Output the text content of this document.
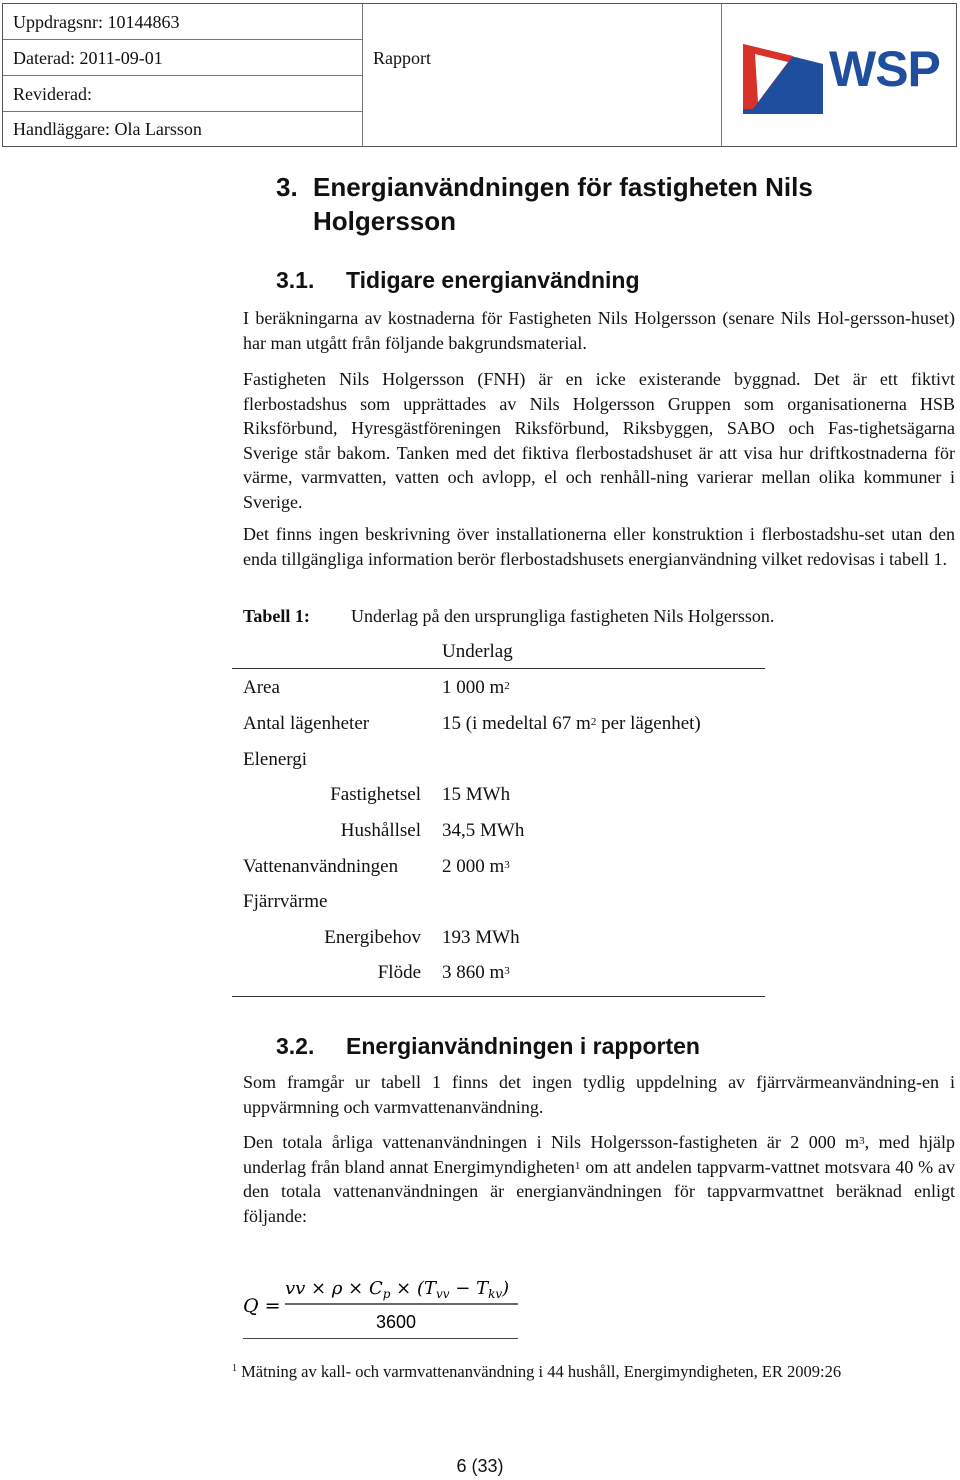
Uppdragsnr: 10144863
Daterad: 2011-09-01
Reviderad:
Handläggare: Ola Larsson
Rapport	WSP
3. Energianvändningen för fastigheten Nils Holgersson
3.1. Tidigare energianvändning
I beräkningarna av kostnaderna för Fastigheten Nils Holgersson (senare Nils Hol-gersson-huset) har man utgått från följande bakgrundsmaterial.
Fastigheten Nils Holgersson (FNH) är en icke existerande byggnad. Det är ett fiktivt flerbostadshus som upprättades av Nils Holgersson Gruppen som organisationerna HSB Riksförbund, Hyresgästföreningen Riksförbund, Riksbyggen, SABO och Fas-tighetsägarna Sverige står bakom. Tanken med det fiktiva flerbostadshuset är att visa hur driftkostnaderna för värme, varmvatten, vatten och avlopp, el och renhåll-ning varierar mellan olika kommuner i Sverige.
Det finns ingen beskrivning över installationerna eller konstruktion i flerbostadshu-set utan den enda tillgängliga information berör flerbostadshusets energianvändning vilket redovisas i tabell 1.
Tabell 1: Underlag på den ursprungliga fastigheten Nils Holgersson.
Underlag
Area	1 000 $m^2$
Antal lägenheter	15 (i medeltal 67 $m^2$ per lägenhet)
Elenergi
Fastighetsel 15 MWh
Hushållsel 34,5 MWh
Vattenanvändningen 2 000 $m^3$
Fjärrvärme
Energibehov 193 MWh
Flöde 3 860 $m^3$
3.2. Energianvändningen i rapporten
Som framgår ur tabell 1 finns det ingen tydlig uppdelning av fjärrvärmeanvändning-en i uppvärmning och varmvattenanvändning.
Den totala årliga vattenanvändningen i Nils Holgersson-fastigheten är 2 000 $m^3$, med hjälp underlag från bland annat Energimyndigheten$^1$ om att andelen tappvarm-vattnet motsvara 40 % av den totala vattenanvändningen är energianvändningen för tappvarmvattnet beräknad enligt följande:
Q =
vv × $\rho \times C_p \times (T_{vv} - T_{kv})$
3600
$^1$ Mätning av kall- och varmvattenanvändning i 44 hushåll, Energimyndigheten, ER 2009:26
6 (33)
